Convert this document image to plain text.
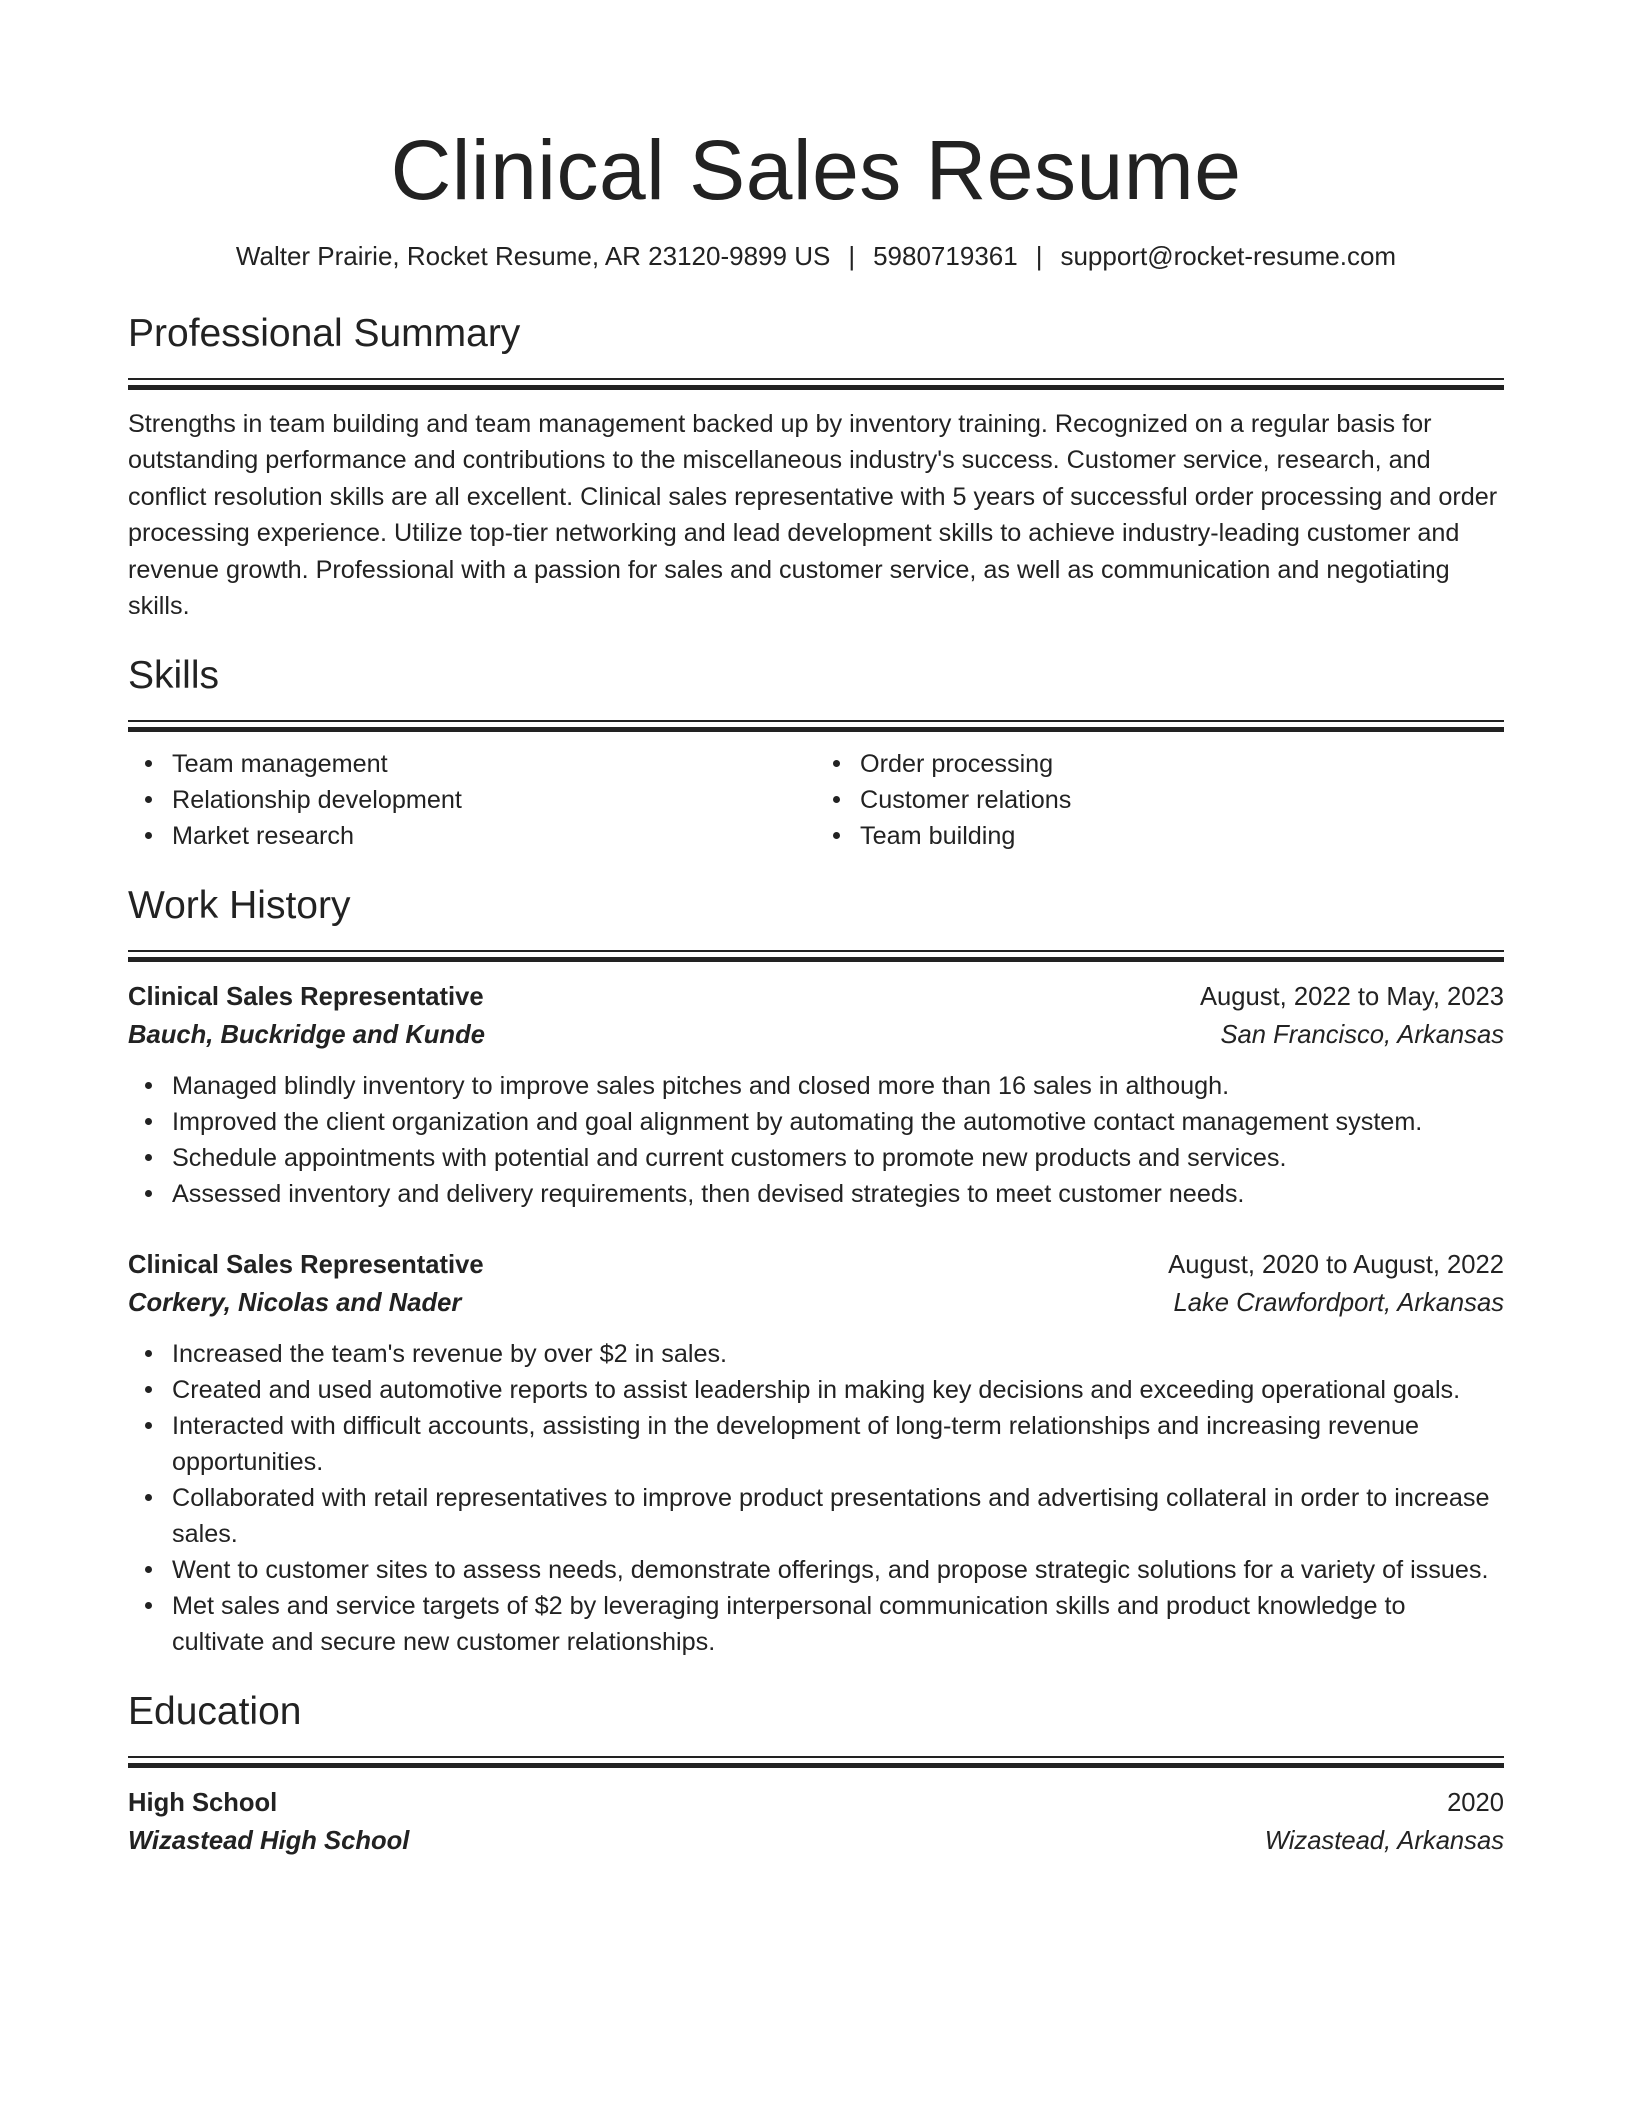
Clinical Sales Resume
Walter Prairie, Rocket Resume, AR 23120-9899 US | 5980719361 | support@rocket-resume.com
Professional Summary
Strengths in team building and team management backed up by inventory training. Recognized on a regular basis for outstanding performance and contributions to the miscellaneous industry's success. Customer service, research, and conflict resolution skills are all excellent. Clinical sales representative with 5 years of successful order processing and order processing experience. Utilize top-tier networking and lead development skills to achieve industry-leading customer and revenue growth. Professional with a passion for sales and customer service, as well as communication and negotiating skills.
Skills
Team management
Relationship development
Market research
Order processing
Customer relations
Team building
Work History
Clinical Sales Representative	August, 2022 to May, 2023
Bauch, Buckridge and Kunde	San Francisco, Arkansas
Managed blindly inventory to improve sales pitches and closed more than 16 sales in although.
Improved the client organization and goal alignment by automating the automotive contact management system.
Schedule appointments with potential and current customers to promote new products and services.
Assessed inventory and delivery requirements, then devised strategies to meet customer needs.
Clinical Sales Representative	August, 2020 to August, 2022
Corkery, Nicolas and Nader	Lake Crawfordport, Arkansas
Increased the team's revenue by over $2 in sales.
Created and used automotive reports to assist leadership in making key decisions and exceeding operational goals.
Interacted with difficult accounts, assisting in the development of long-term relationships and increasing revenue opportunities.
Collaborated with retail representatives to improve product presentations and advertising collateral in order to increase sales.
Went to customer sites to assess needs, demonstrate offerings, and propose strategic solutions for a variety of issues.
Met sales and service targets of $2 by leveraging interpersonal communication skills and product knowledge to cultivate and secure new customer relationships.
Education
High School	2020
Wizastead High School	Wizastead, Arkansas
